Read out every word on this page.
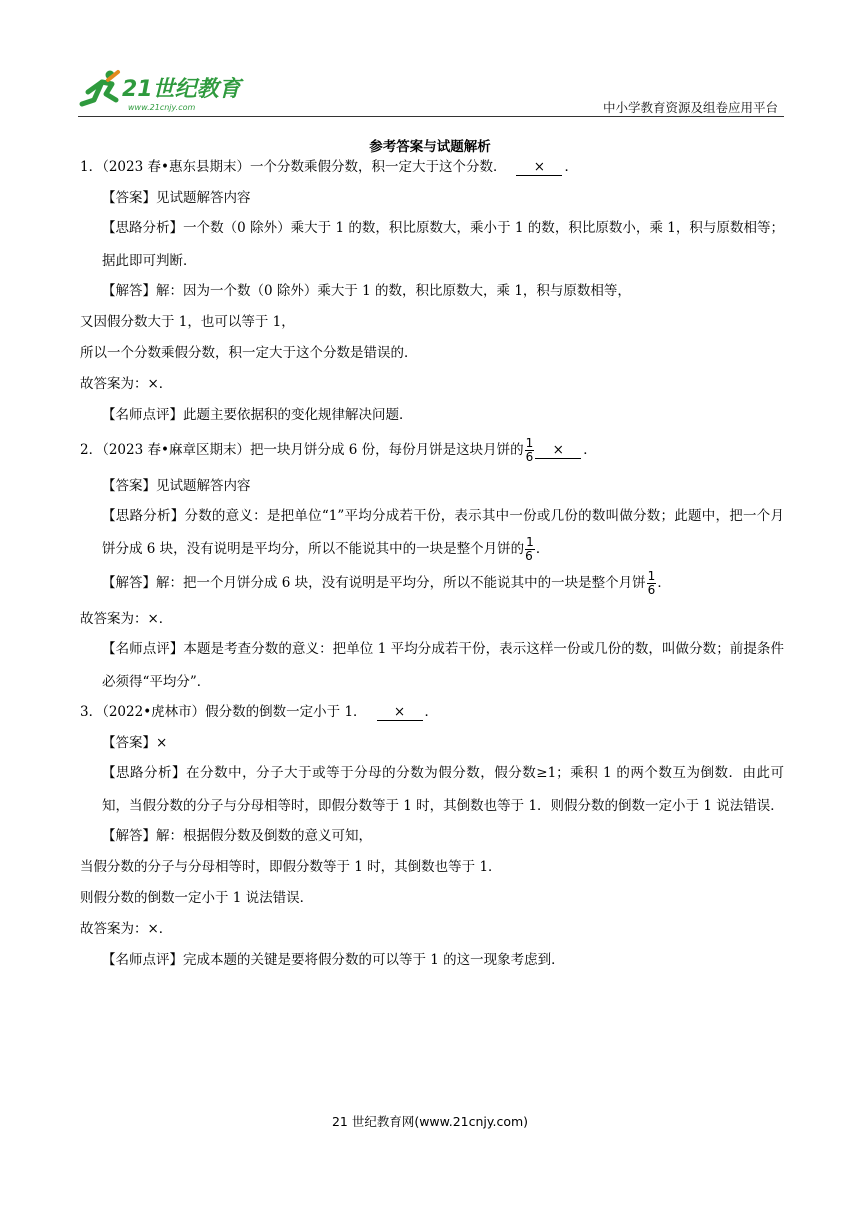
21世纪教育
www.21cnjy.com	中小学教育资源及组卷应用平台
参考答案与试题解析
1．（2023 春•惠东县期末）一个分数乘假分数，积一定大于这个分数． × ．
【答案】见试题解答内容
【思路分析】一个数（0 除外）乘大于 1 的数，积比原数大，乘小于 1 的数，积比原数小，乘 1，积与原数相等；据此即可判断．
【解答】解：因为一个数（0 除外）乘大于 1 的数，积比原数大，乘 1，积与原数相等，
又因假分数大于 1，也可以等于 1，
所以一个分数乘假分数，积一定大于这个分数是错误的．
故答案为：×．
【名师点评】此题主要依据积的变化规律解决问题．
2．（2023 春•麻章区期末）把一块月饼分成 6 份，每份月饼是这块月饼的 $\frac{1}{6}$ × ．
【答案】见试题解答内容
【思路分析】分数的意义：是把单位“1”平均分成若干份，表示其中一份或几份的数叫做分数；此题中，把一个月饼分成 6 块，没有说明是平均分，所以不能说其中的一块是整个月饼的 $\frac{1}{6}$ ．
【解答】解：把一个月饼分成 6 块，没有说明是平均分，所以不能说其中的一块是整个月饼 $\frac{1}{6}$ ．
故答案为：×．
【名师点评】本题是考查分数的意义：把单位 1 平均分成若干份，表示这样一份或几份的数，叫做分数；前提条件必须得“平均分”．
3．（2022•虎林市）假分数的倒数一定小于 1． × ．
【答案】×
【思路分析】在分数中，分子大于或等于分母的分数为假分数，假分数≥1；乘积 1 的两个数互为倒数．由此可知，当假分数的分子与分母相等时，即假分数等于 1 时，其倒数也等于 1．则假分数的倒数一定小于 1 说法错误．
【解答】解：根据假分数及倒数的意义可知，
当假分数的分子与分母相等时，即假分数等于 1 时，其倒数也等于 1．
则假分数的倒数一定小于 1 说法错误．
故答案为：×．
【名师点评】完成本题的关键是要将假分数的可以等于 1 的这一现象考虑到．
21 世纪教育网(www.21cnjy.com)
